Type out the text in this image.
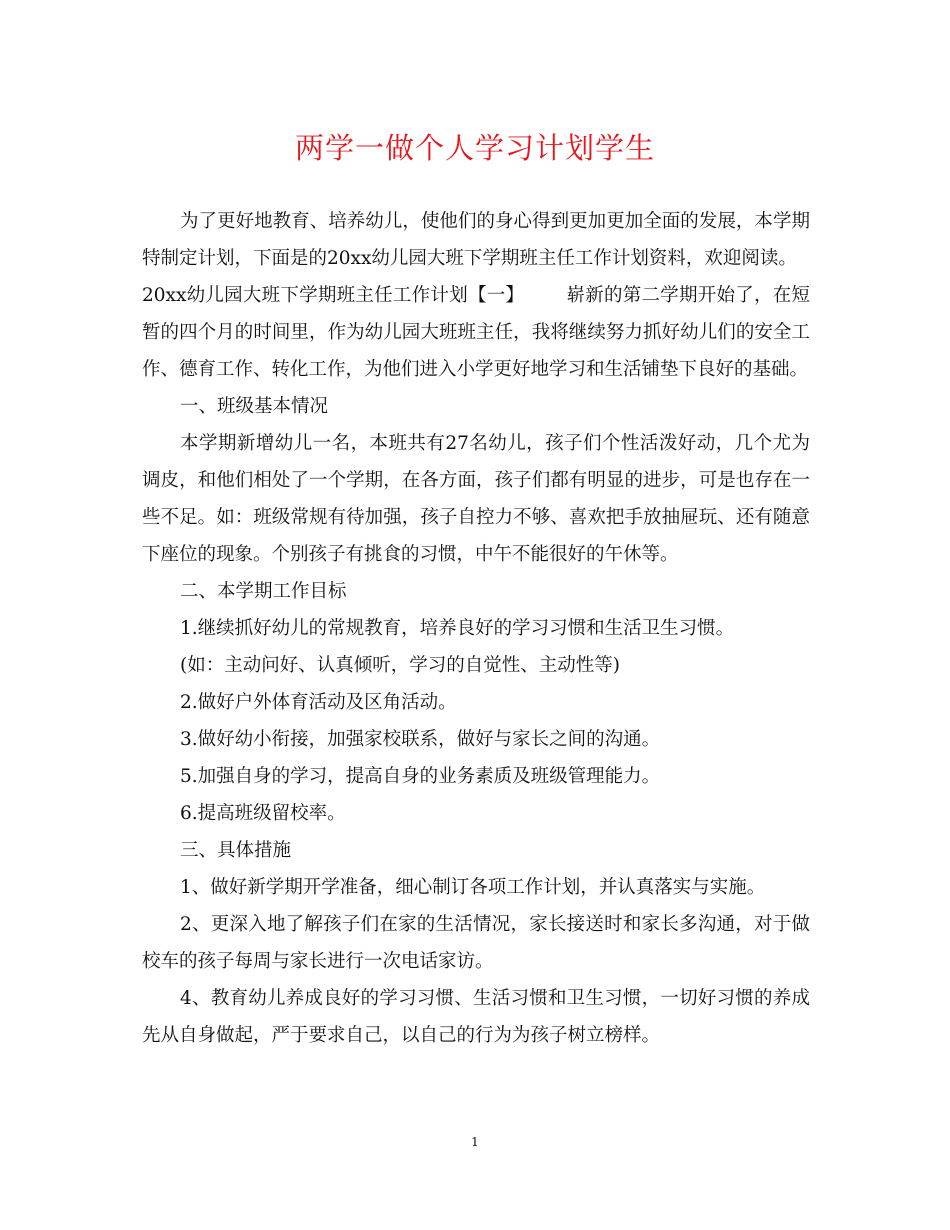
两学一做个人学习计划学生

为了更好地教育、培养幼儿，使他们的身心得到更加更加全面的发展，本学期特制定计划，下面是的20xx幼儿园大班下学期班主任工作计划资料，欢迎阅读。

20xx幼儿园大班下学期班主任工作计划【一】 崭新的第二学期开始了，在短暂的四个月的时间里，作为幼儿园大班班主任，我将继续努力抓好幼儿们的安全工作、德育工作、转化工作，为他们进入小学更好地学习和生活铺垫下良好的基础。

一、班级基本情况

本学期新增幼儿一名，本班共有27名幼儿，孩子们个性活泼好动，几个尤为调皮，和他们相处了一个学期，在各方面，孩子们都有明显的进步，可是也存在一些不足。如：班级常规有待加强，孩子自控力不够、喜欢把手放抽屉玩、还有随意下座位的现象。个别孩子有挑食的习惯，中午不能很好的午休等。

二、本学期工作目标

1.继续抓好幼儿的常规教育，培养良好的学习习惯和生活卫生习惯。

(如：主动问好、认真倾听，学习的自觉性、主动性等)

2.做好户外体育活动及区角活动。

3.做好幼小衔接，加强家校联系，做好与家长之间的沟通。

5.加强自身的学习，提高自身的业务素质及班级管理能力。

6.提高班级留校率。

三、具体措施

1、做好新学期开学准备，细心制订各项工作计划，并认真落实与实施。

2、更深入地了解孩子们在家的生活情况，家长接送时和家长多沟通，对于做校车的孩子每周与家长进行一次电话家访。

4、教育幼儿养成良好的学习习惯、生活习惯和卫生习惯，一切好习惯的养成先从自身做起，严于要求自己，以自己的行为为孩子树立榜样。

1
